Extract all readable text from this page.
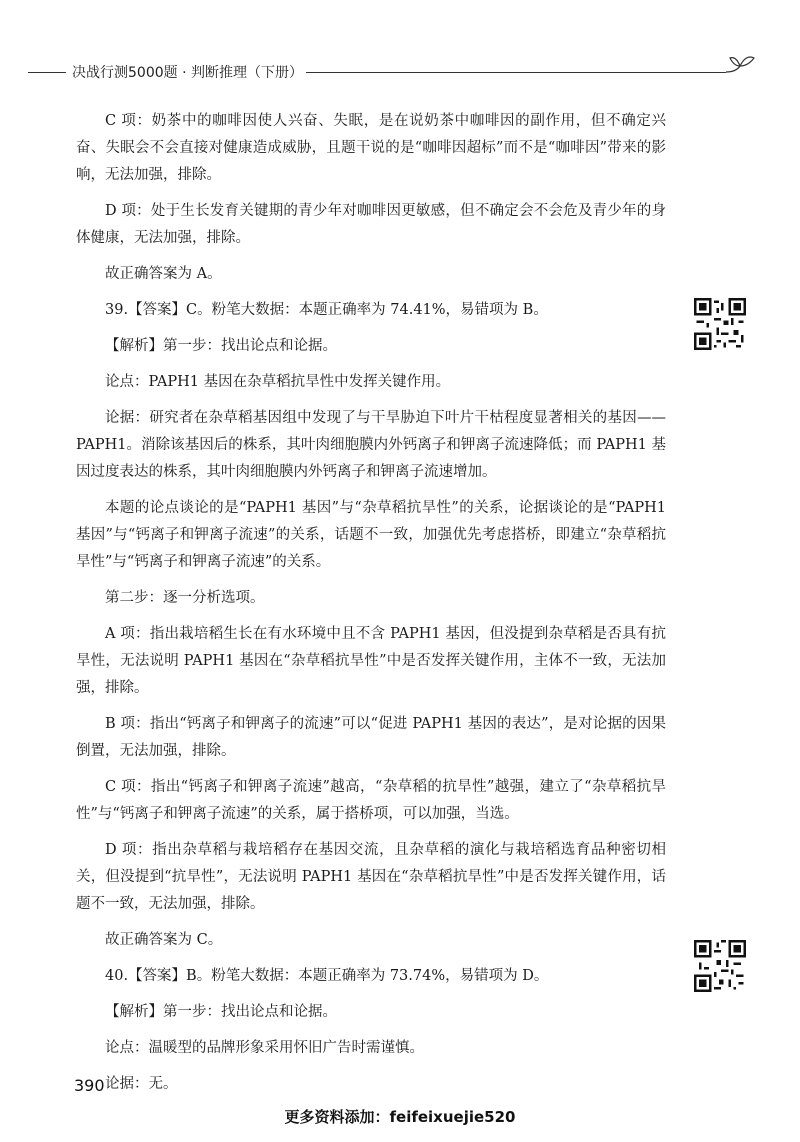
决战行测5000题 · 判断推理（下册）

C 项：奶茶中的咖啡因使人兴奋、失眠，是在说奶茶中咖啡因的副作用，但不确定兴奋、失眠会不会直接对健康造成威胁，且题干说的是“咖啡因超标”而不是“咖啡因”带来的影响，无法加强，排除。

D 项：处于生长发育关键期的青少年对咖啡因更敏感，但不确定会不会危及青少年的身体健康，无法加强，排除。

故正确答案为 A。

39.【答案】C。粉笔大数据：本题正确率为 74.41%，易错项为 B。

【解析】第一步：找出论点和论据。

论点：PAPH1 基因在杂草稻抗旱性中发挥关键作用。

论据：研究者在杂草稻基因组中发现了与干旱胁迫下叶片干枯程度显著相关的基因——PAPH1。消除该基因后的株系，其叶肉细胞膜内外钙离子和钾离子流速降低；而 PAPH1 基因过度表达的株系，其叶肉细胞膜内外钙离子和钾离子流速增加。

本题的论点谈论的是“PAPH1 基因”与“杂草稻抗旱性”的关系，论据谈论的是“PAPH1 基因”与“钙离子和钾离子流速”的关系，话题不一致，加强优先考虑搭桥，即建立“杂草稻抗旱性”与“钙离子和钾离子流速”的关系。

第二步：逐一分析选项。

A 项：指出栽培稻生长在有水环境中且不含 PAPH1 基因，但没提到杂草稻是否具有抗旱性，无法说明 PAPH1 基因在“杂草稻抗旱性”中是否发挥关键作用，主体不一致，无法加强，排除。

B 项：指出“钙离子和钾离子的流速”可以“促进 PAPH1 基因的表达”，是对论据的因果倒置，无法加强，排除。

C 项：指出“钙离子和钾离子流速”越高，“杂草稻的抗旱性”越强，建立了“杂草稻抗旱性”与“钙离子和钾离子流速”的关系，属于搭桥项，可以加强，当选。

D 项：指出杂草稻与栽培稻存在基因交流，且杂草稻的演化与栽培稻选育品种密切相关，但没提到“抗旱性”，无法说明 PAPH1 基因在“杂草稻抗旱性”中是否发挥关键作用，话题不一致，无法加强，排除。

故正确答案为 C。

40.【答案】B。粉笔大数据：本题正确率为 73.74%，易错项为 D。

【解析】第一步：找出论点和论据。

论点：温暖型的品牌形象采用怀旧广告时需谨慎。

论据：无。

390
更多资料添加：feifeixuejie520
